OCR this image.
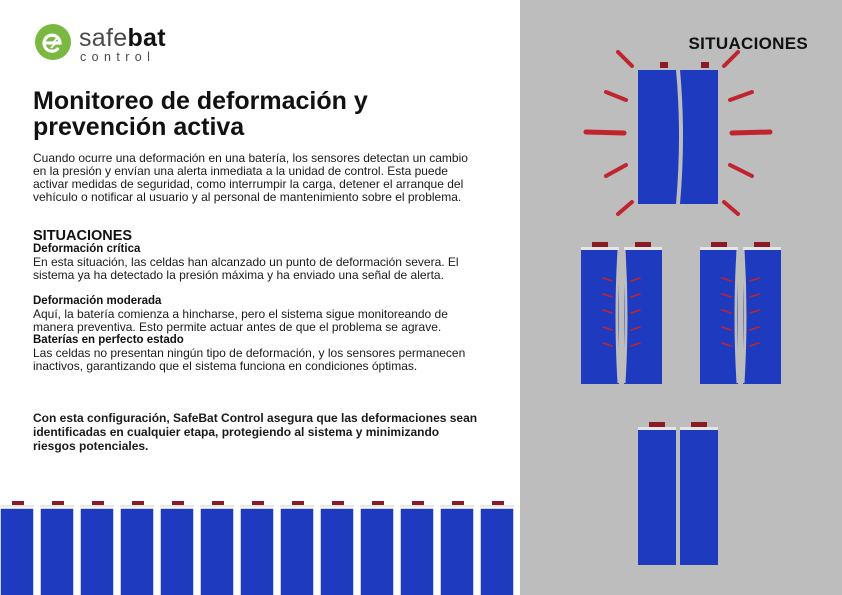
safebat
control
Monitoreo de deformación y prevención activa

Cuando ocurre una deformación en una batería, los sensores detectan un cambio en la presión y envían una alerta inmediata a la unidad de control. Esta puede activar medidas de seguridad, como interrumpir la carga, detener el arranque del vehículo o notificar al usuario y al personal de mantenimiento sobre el problema.

SITUACIONES
Deformación crítica

En esta situación, las celdas han alcanzado un punto de deformación severa. El sistema ya ha detectado la presión máxima y ha enviado una señal de alerta.

Deformación moderada

Aquí, la batería comienza a hincharse, pero el sistema sigue monitoreando de manera preventiva. Esto permite actuar antes de que el problema se agrave.

Baterías en perfecto estado

Las celdas no presentan ningún tipo de deformación, y los sensores permanecen inactivos, garantizando que el sistema funciona en condiciones óptimas.

Con esta configuración, SafeBat Control asegura que las deformaciones sean identificadas en cualquier etapa, protegiendo al sistema y minimizando riesgos potenciales.

SITUACIONES
